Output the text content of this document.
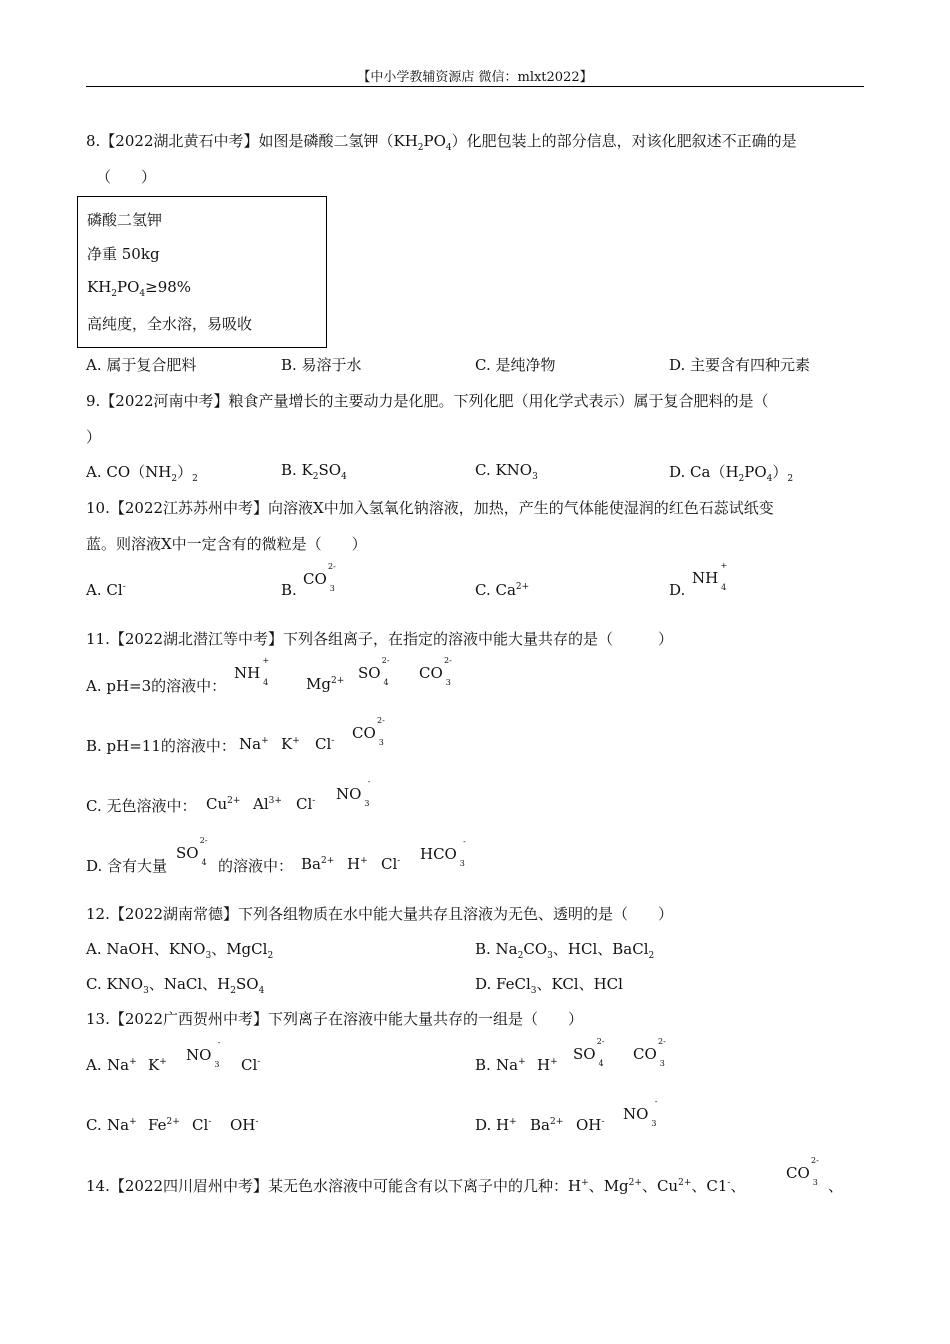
【中小学教辅资源店 微信：mlxt2022】
8.【2022湖北黄石中考】如图是磷酸二氢钾$(KH_2PO_4)$化肥包装上的部分信息，对该化肥叙述不正确的是
（　　）
磷酸二氢钾
净重 50kg
$KH_2PO_4\ge 98\%$
高纯度，全水溶，易吸收
A. 属于复合肥料	B. 易溶于水	C. 是纯净物	D. 主要含有四种元素
9.【2022河南中考】粮食产量增长的主要动力是化肥。下列化肥（用化学式表示）属于复合肥料的是（
）
A. $CO(NH_2)_2$	B. $K_2SO_4$	C. $KNO_3$	D. $Ca(H_2PO_4)_2$
10.【2022江苏苏州中考】向溶液X中加入氢氧化钠溶液，加热，产生的气体能使湿润的红色石蕊试纸变
蓝。则溶液X中一定含有的微粒是（　　）
A. Cl-	B.
CO
2-
3	C. $Ca^{2+}$	D.
NH
+
4
11.【2022湖北潜江等中考】下列各组离子，在指定的溶液中能大量共存的是（　　　）
A. pH=3的溶液中：
NH
+
4	$Mg^{2+}$ SO
2-
4
CO
2-
3
B. pH=11的溶液中： Na+ K+ Cl- CO
2-
3
C. 无色溶液中： $Cu^{2+}$ $Al^{3+}$ Cl- NO
-
3
D. 含有大量
SO
2-
4 的溶液中： $Ba^{2+}$ H+ Cl- HCO
-
3
12.【2022湖南常德】下列各组物质在水中能大量共存且溶液为无色、透明的是（　　）
A. NaOH、$KNO_3$、MgCl$_2$	B. $Na_2CO_3$、HCl、BaCl$_2$
C. $KNO_3$、NaCl、$H_2SO_4$	D. FeCl$_3$、KCl、HCl
13.【2022广西贺州中考】下列离子在溶液中能大量共存的一组是（　　）
A. Na+ K+ NO
-
3 Cl-	B. Na+ H+ SO
2-
4
CO
2-
3
C. Na+ $Fe^{2+}$ Cl- OH-	D. H+ $Ba^{2+}$ OH- NO
-
3
14.【2022四川眉州中考】某无色水溶液中可能含有以下离子中的几种：H+、$Mg^{2+}$、$Cu^{2+}$、C1-、
CO
2-
3 、
